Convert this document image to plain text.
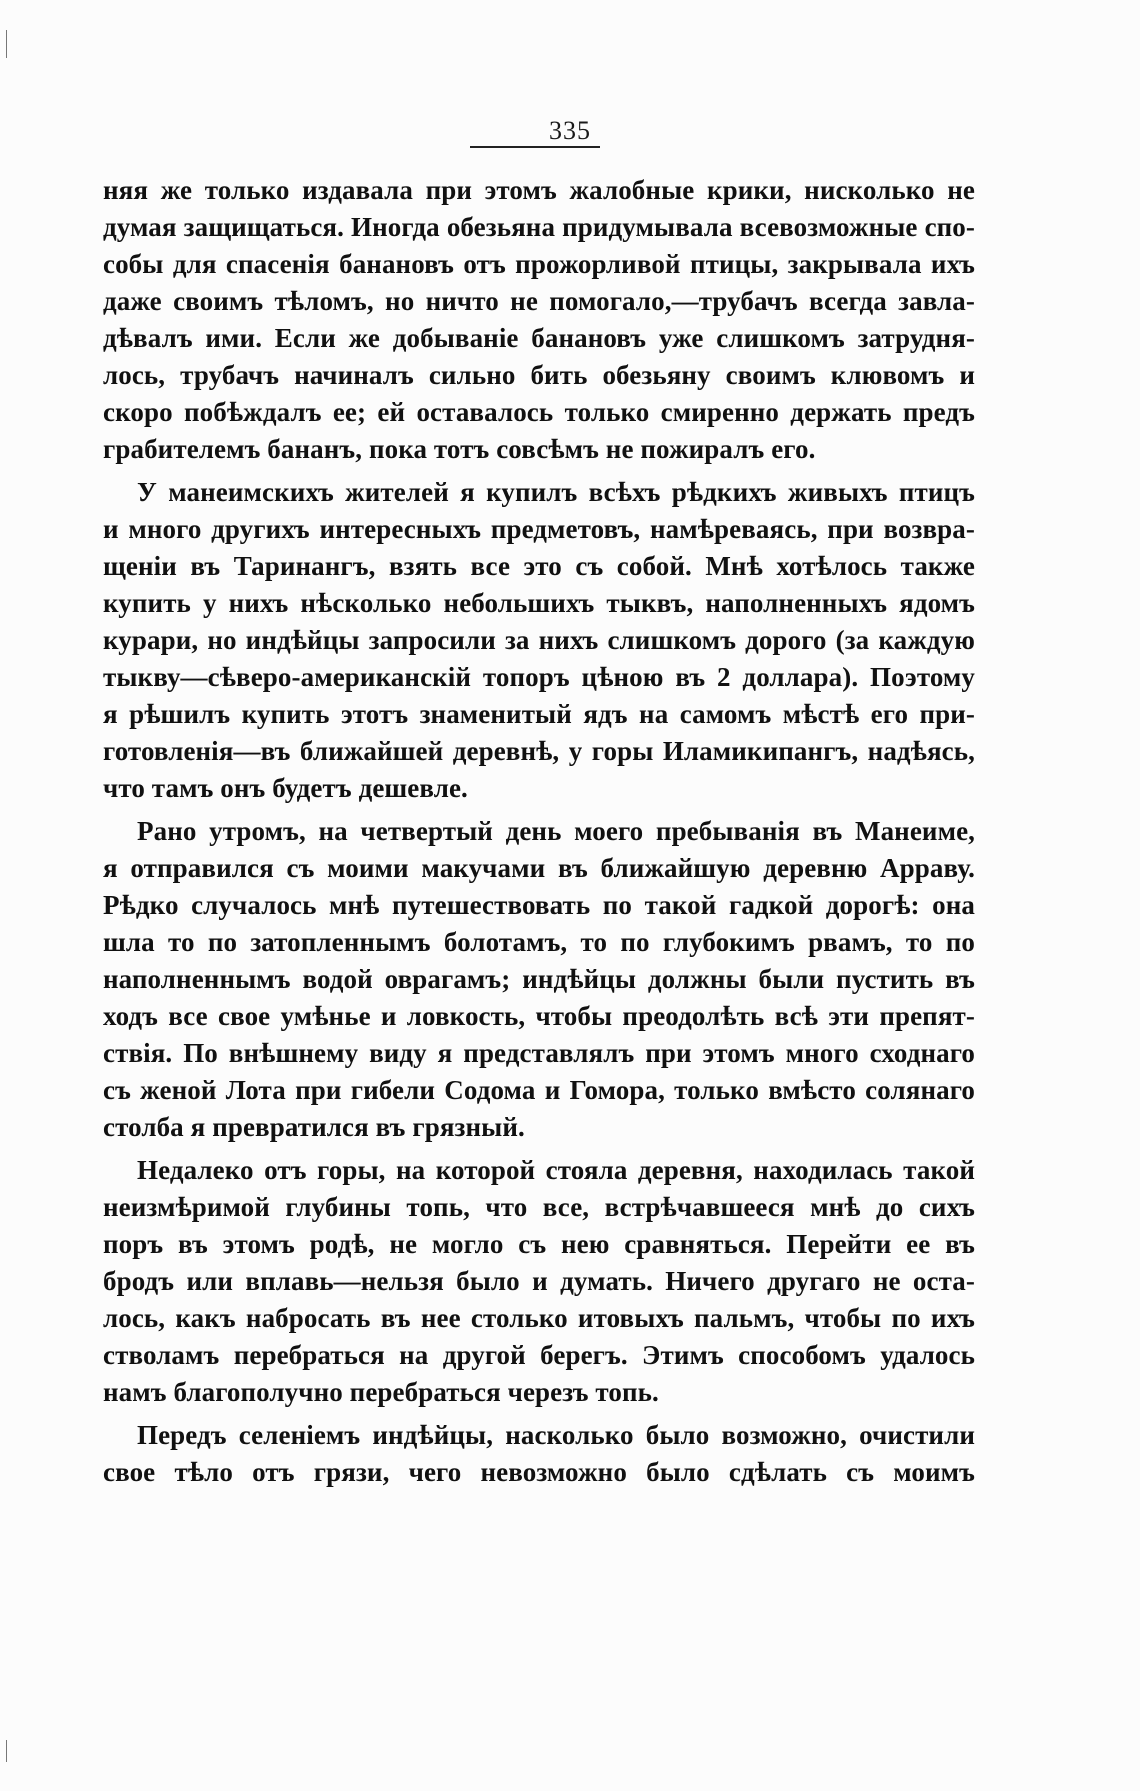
335
няя же только издавала при этомъ жалобные крики, нисколько не
думая защищаться. Иногда обезьяна придумывала всевозможные спо-
собы для спасенія банановъ отъ прожорливой птицы, закрывала ихъ
даже своимъ тѣломъ, но ничто не помогало,—трубачъ всегда завла-
дѣвалъ ими. Если же добываніе банановъ уже слишкомъ затрудня-
лось, трубачъ начиналъ сильно бить обезьяну своимъ клювомъ и
скоро побѣждалъ ее; ей оставалось только смиренно держать предъ
грабителемъ бананъ, пока тотъ совсѣмъ не пожиралъ его.
У манеимскихъ жителей я купилъ всѣхъ рѣдкихъ живыхъ птицъ
и много другихъ интересныхъ предметовъ, намѣреваясь, при возвра-
щеніи въ Таринангъ, взять все это съ собой. Мнѣ хотѣлось также
купить у нихъ нѣсколько небольшихъ тыквъ, наполненныхъ ядомъ
курари, но индѣйцы запросили за нихъ слишкомъ дорого (за каждую
тыкву—сѣверо-американскій топоръ цѣною въ 2 доллара). Поэтому
я рѣшилъ купить этотъ знаменитый ядъ на самомъ мѣстѣ его при-
готовленія—въ ближайшей деревнѣ, у горы Иламикипангъ, надѣясь,
что тамъ онъ будетъ дешевле.
Рано утромъ, на четвертый день моего пребыванія въ Манеиме,
я отправился съ моими макучами въ ближайшую деревню Арраву.
Рѣдко случалось мнѣ путешествовать по такой гадкой дорогѣ: она
шла то по затопленнымъ болотамъ, то по глубокимъ рвамъ, то по
наполненнымъ водой оврагамъ; индѣйцы должны были пустить въ
ходъ все свое умѣнье и ловкость, чтобы преодолѣть всѣ эти препят-
ствія. По внѣшнему виду я представлялъ при этомъ много сходнаго
съ женой Лота при гибели Содома и Гомора, только вмѣсто солянаго
столба я превратился въ грязный.
Недалеко отъ горы, на которой стояла деревня, находилась такой
неизмѣримой глубины топь, что все, встрѣчавшееся мнѣ до сихъ
поръ въ этомъ родѣ, не могло съ нею сравняться. Перейти ее въ
бродъ или вплавь—нельзя было и думать. Ничего другаго не оста-
лось, какъ набросать въ нее столько итовыхъ пальмъ, чтобы по ихъ
стволамъ перебраться на другой берегъ. Этимъ способомъ удалось
намъ благополучно перебраться черезъ топь.
Передъ селеніемъ индѣйцы, насколько было возможно, очистили
свое тѣло отъ грязи, чего невозможно было сдѣлать съ моимъ
